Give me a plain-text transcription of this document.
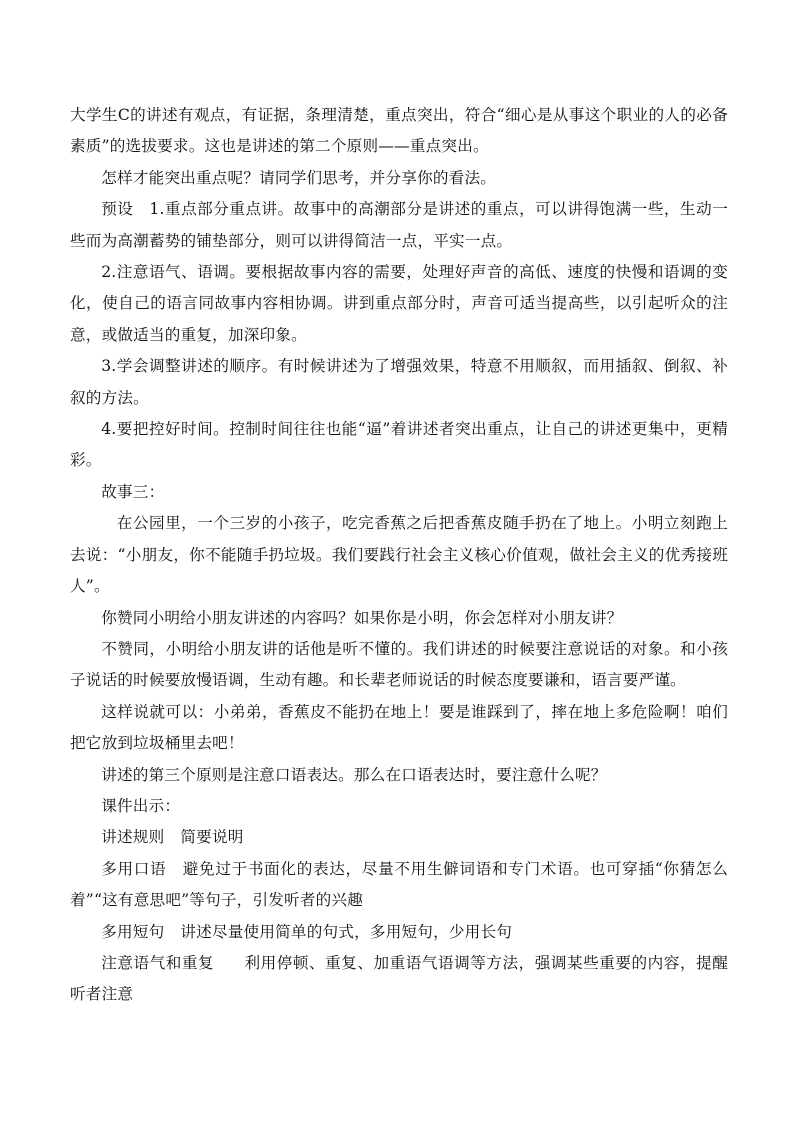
大学生C的讲述有观点，有证据，条理清楚，重点突出，符合“细心是从事这个职业的人的必备素质”的选拔要求。这也是讲述的第二个原则——重点突出。

怎样才能突出重点呢？请同学们思考，并分享你的看法。

预设 1.重点部分重点讲。故事中的高潮部分是讲述的重点，可以讲得饱满一些，生动一些而为高潮蓄势的铺垫部分，则可以讲得简洁一点，平实一点。

2.注意语气、语调。要根据故事内容的需要，处理好声音的高低、速度的快慢和语调的变化，使自己的语言同故事内容相协调。讲到重点部分时，声音可适当提高些，以引起听众的注意，或做适当的重复，加深印象。

3.学会调整讲述的顺序。有时候讲述为了增强效果，特意不用顺叙，而用插叙、倒叙、补叙的方法。

4.要把控好时间。控制时间往往也能“逼”着讲述者突出重点，让自己的讲述更集中，更精彩。

故事三：

在公园里，一个三岁的小孩子，吃完香蕉之后把香蕉皮随手扔在了地上。小明立刻跑上去说：“小朋友，你不能随手扔垃圾。我们要践行社会主义核心价值观，做社会主义的优秀接班人”。

你赞同小明给小朋友讲述的内容吗？如果你是小明，你会怎样对小朋友讲？

不赞同，小明给小朋友讲的话他是听不懂的。我们讲述的时候要注意说话的对象。和小孩子说话的时候要放慢语调，生动有趣。和长辈老师说话的时候态度要谦和，语言要严谨。

这样说就可以：小弟弟，香蕉皮不能扔在地上！要是谁踩到了，摔在地上多危险啊！咱们把它放到垃圾桶里去吧！

讲述的第三个原则是注意口语表达。那么在口语表达时，要注意什么呢？

课件出示：

讲述规则 简要说明

多用口语 避免过于书面化的表达，尽量不用生僻词语和专门术语。也可穿插“你猜怎么着”“这有意思吧”等句子，引发听者的兴趣

多用短句 讲述尽量使用简单的句式，多用短句，少用长句

注意语气和重复 利用停顿、重复、加重语气语调等方法，强调某些重要的内容，提醒听者注意
